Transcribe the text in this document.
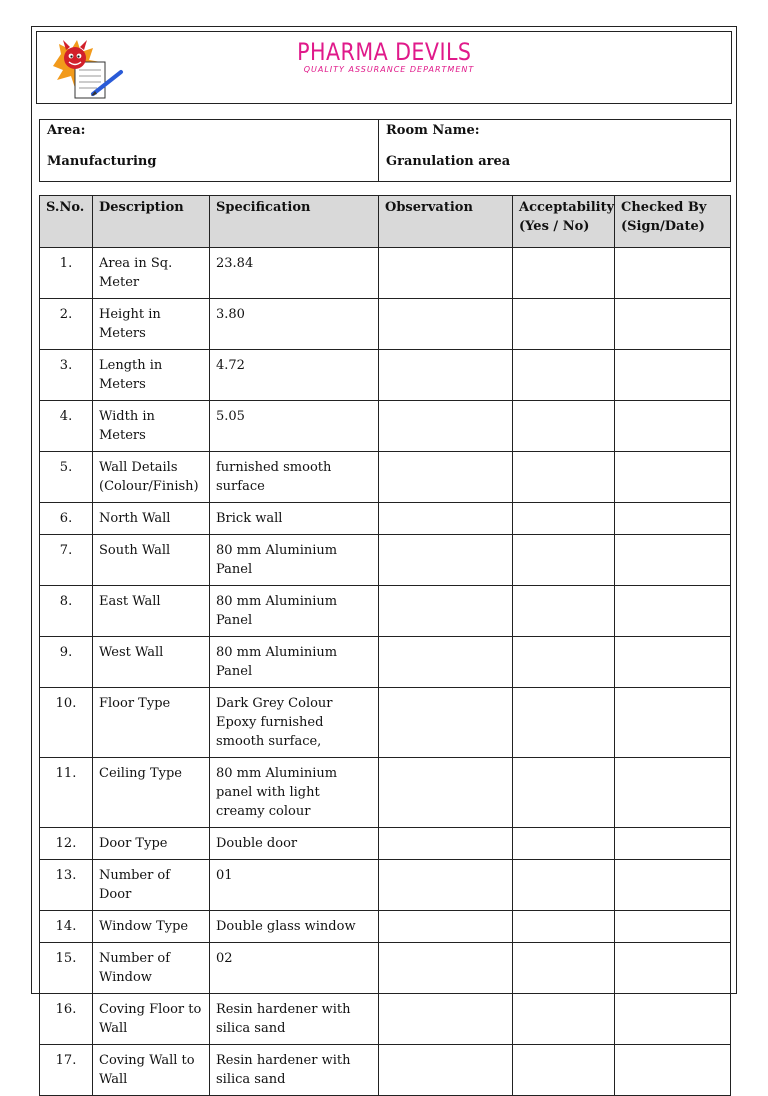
PHARMA DEVILS
QUALITY ASSURANCE DEPARTMENT
Area:
Manufacturing

Room Name:
Granulation area
S.No.	Description	Specification	Observation	Acceptability (Yes / No)	Checked By (Sign/Date)

1.	Area in Sq. Meter	23.84			
2.	Height in Meters	3.80			
3.	Length in Meters	4.72			
4.	Width in Meters	5.05			
5.	Wall Details (Colour/Finish)	furnished smooth surface			
6.	North Wall	Brick wall			
7.	South Wall	80 mm Aluminium Panel			
8.	East Wall	80 mm Aluminium Panel			
9.	West Wall	80 mm Aluminium Panel			
10.	Floor Type	Dark Grey Colour Epoxy furnished smooth surface,			
11.	Ceiling Type	80 mm Aluminium panel with light creamy colour			
12.	Door Type	Double door			
13.	Number of Door	01			
14.	Window Type	Double glass window			
15.	Number of Window	02			
16.	Coving Floor to Wall	Resin hardener with silica sand			
17.	Coving Wall to Wall	Resin hardener with silica sand			
